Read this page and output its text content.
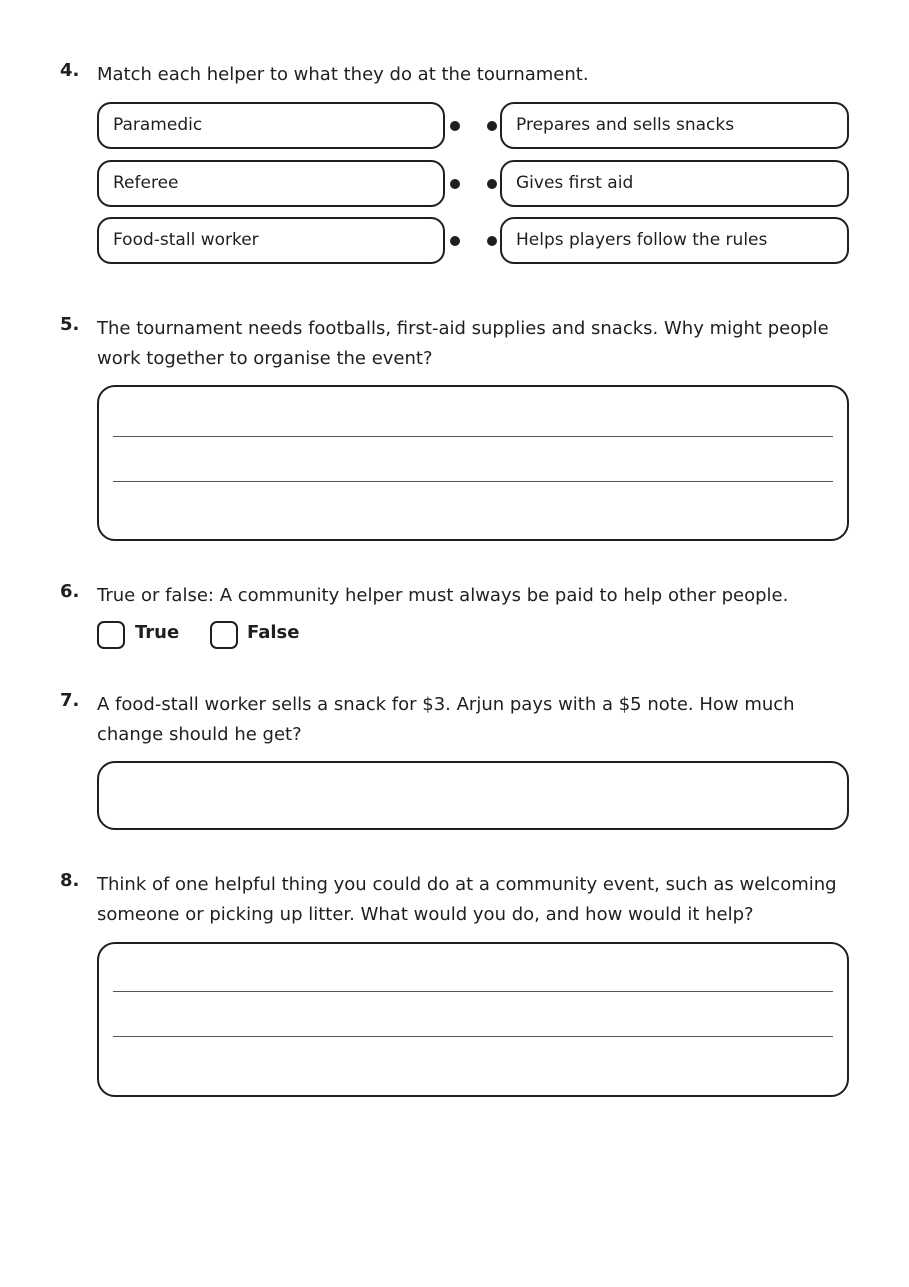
4. Match each helper to what they do at the tournament.
Paramedic
Referee
Food-stall worker
Prepares and sells snacks
Gives first aid
Helps players follow the rules
5. The tournament needs footballs, first-aid supplies and snacks. Why might people work together to organise the event?
6. True or false: A community helper must always be paid to help other people.
True	False
7. A food-stall worker sells a snack for $3. Arjun pays with a $5 note. How much change should he get?
8. Think of one helpful thing you could do at a community event, such as welcoming someone or picking up litter. What would you do, and how would it help?
